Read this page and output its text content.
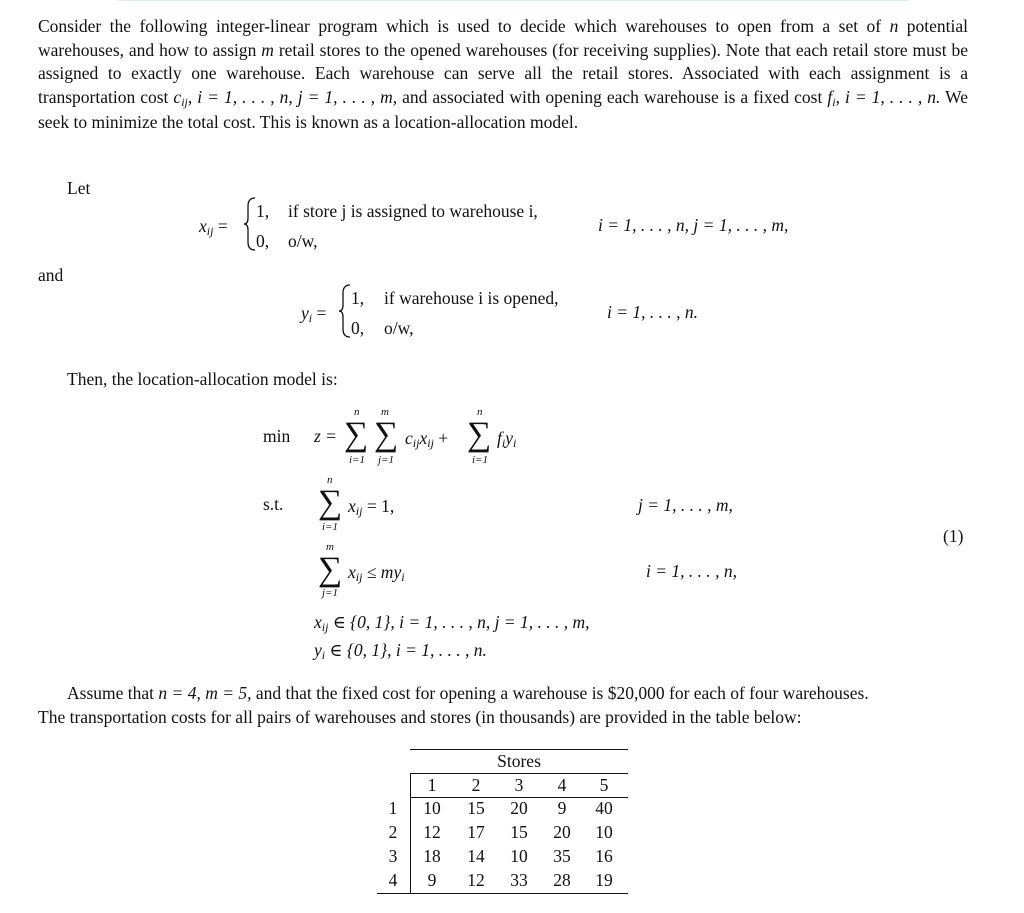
Consider the following integer-linear program which is used to decide which warehouses to open from a set of n potential warehouses, and how to assign m retail stores to the opened warehouses (for receiving supplies). Note that each retail store must be assigned to exactly one warehouse. Each warehouse can serve all the retail stores. Associated with each assignment is a transportation cost cij, i = 1, . . . , n, j = 1, . . . , m, and associated with opening each warehouse is a fixed cost fi, i = 1, . . . , n. We seek to minimize the total cost. This is known as a location-allocation model.
Let
xij =
1, if store j is assigned to warehouse i,
0, o/w,
i = 1, . . . , n, j = 1, . . . , m,
and
yi =
1, if warehouse i is opened,
0, o/w,
i = 1, . . . , n.
Then, the location-allocation model is:
min z =
n
∑
i=1
m
∑
j=1
cijxij +
n
∑
i=1
fiyi
s.t.
n
∑
i=1
xij = 1,	j = 1, . . . , m,
(1)
m
∑
j=1
xij ≤ myi	i = 1, . . . , n,
xij ∈ {0, 1}, i = 1, . . . , n, j = 1, . . . , m,
yi ∈ {0, 1}, i = 1, . . . , n.
Assume that n = 4, m = 5, and that the fixed cost for opening a warehouse is $20,000 for each of four warehouses.
The transportation costs for all pairs of warehouses and stores (in thousands) are provided in the table below:
Stores
1	2	3	4	5
1	10	15	20	9	40
2	12	17	15	20	10
3	18	14	10	35	16
4	9	12	33	28	19
